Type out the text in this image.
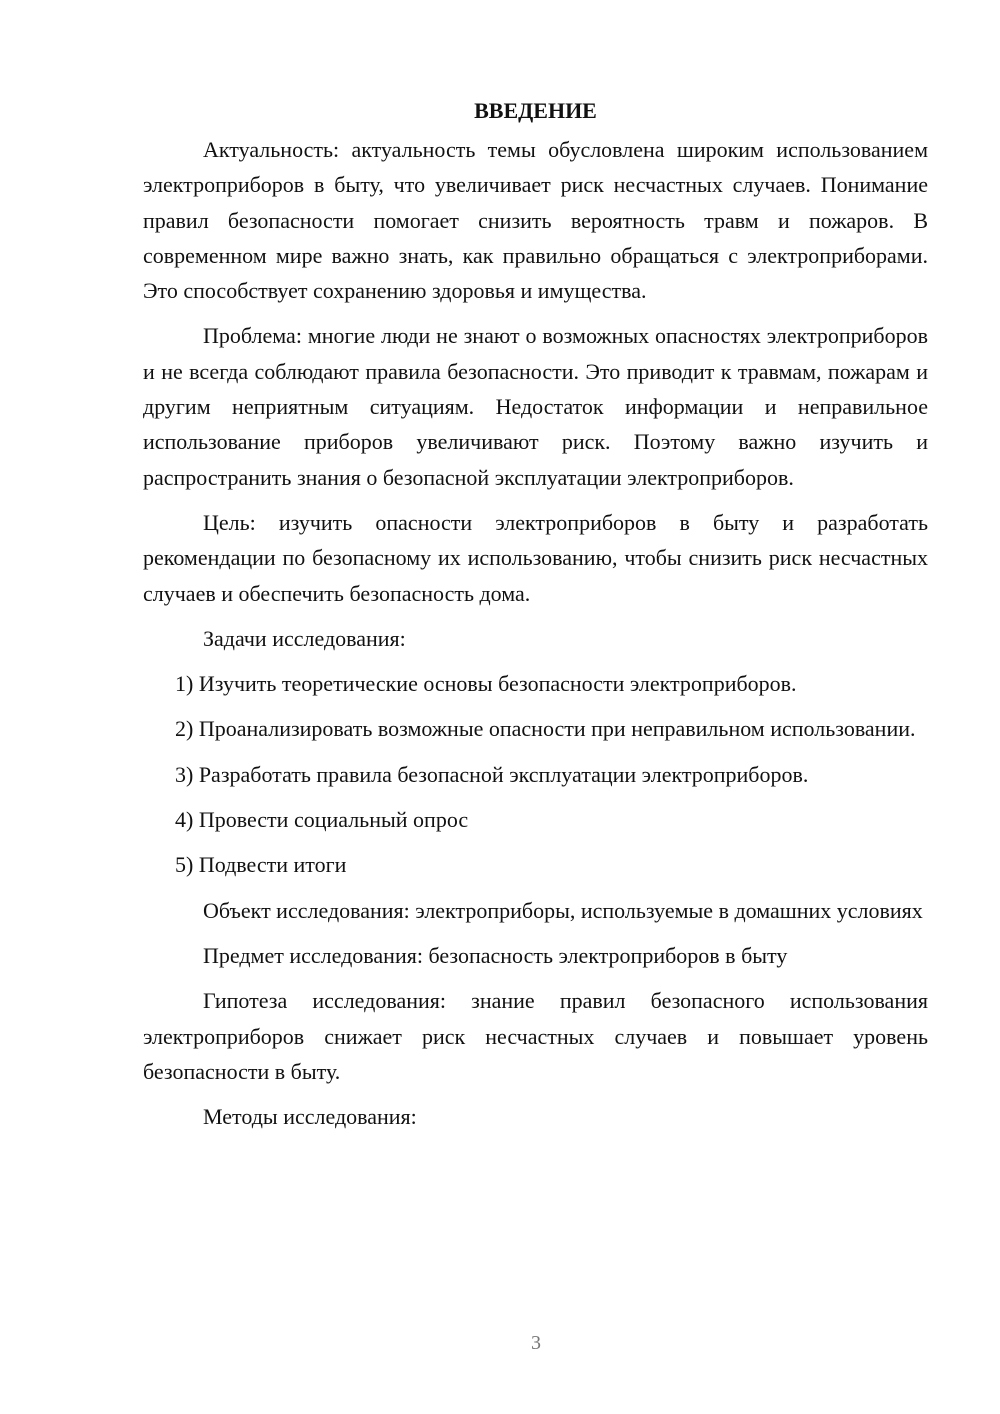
ВВЕДЕНИЕ

Актуальность: актуальность темы обусловлена широким использованием электроприборов в быту, что увеличивает риск несчастных случаев. Понимание правил безопасности помогает снизить вероятность травм и пожаров. В современном мире важно знать, как правильно обращаться с электроприборами. Это способствует сохранению здоровья и имущества.

Проблема: многие люди не знают о возможных опасностях электроприборов и не всегда соблюдают правила безопасности. Это приводит к травмам, пожарам и другим неприятным ситуациям. Недостаток информации и неправильное использование приборов увеличивают риск. Поэтому важно изучить и распространить знания о безопасной эксплуатации электроприборов.

Цель: изучить опасности электроприборов в быту и разработать рекомендации по безопасному их использованию, чтобы снизить риск несчастных случаев и обеспечить безопасность дома.

Задачи исследования:

1) Изучить теоретические основы безопасности электроприборов.

2) Проанализировать возможные опасности при неправильном использовании.

3) Разработать правила безопасной эксплуатации электроприборов.

4) Провести социальный опрос

5) Подвести итоги

Объект исследования: электроприборы, используемые в домашних условиях

Предмет исследования: безопасность электроприборов в быту

Гипотеза исследования: знание правил безопасного использования электроприборов снижает риск несчастных случаев и повышает уровень безопасности в быту.

Методы исследования:

3
